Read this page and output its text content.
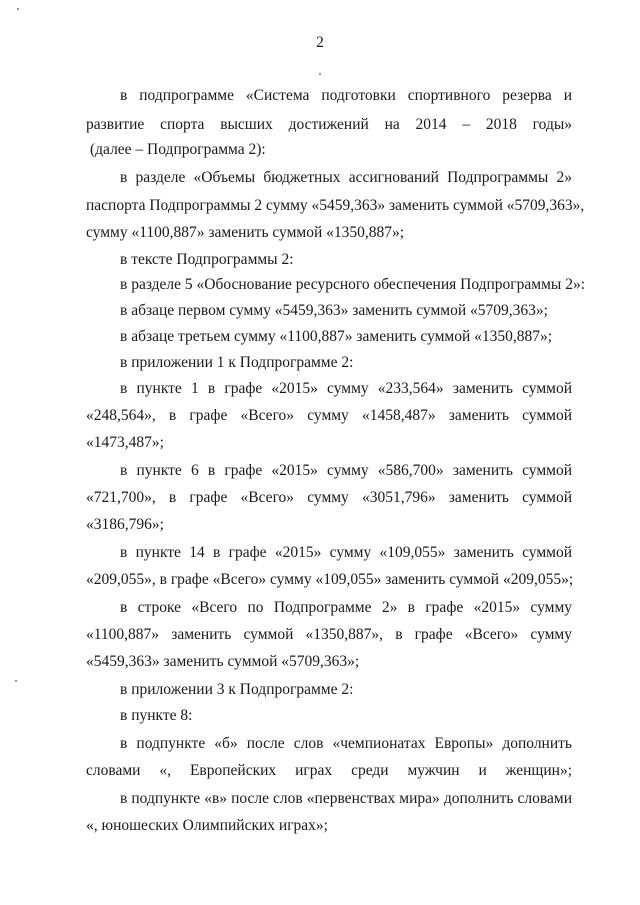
2
в подпрограмме «Система подготовки спортивного резерва и
развитие спорта высших достижений на 2014 – 2018 годы»
(далее – Подпрограмма 2):
в разделе «Объемы бюджетных ассигнований Подпрограммы 2»
паспорта Подпрограммы 2 сумму «5459,363» заменить суммой «5709,363»,
сумму «1100,887» заменить суммой «1350,887»;
в тексте Подпрограммы 2:
в разделе 5 «Обоснование ресурсного обеспечения Подпрограммы 2»:
в абзаце первом сумму «5459,363» заменить суммой «5709,363»;
в абзаце третьем сумму «1100,887» заменить суммой «1350,887»;
в приложении 1 к Подпрограмме 2:
в пункте 1 в графе «2015» сумму «233,564» заменить суммой
«248,564», в графе «Всего» сумму «1458,487» заменить суммой
«1473,487»;
в пункте 6 в графе «2015» сумму «586,700» заменить суммой
«721,700», в графе «Всего» сумму «3051,796» заменить суммой
«3186,796»;
в пункте 14 в графе «2015» сумму «109,055» заменить суммой
«209,055», в графе «Всего» сумму «109,055» заменить суммой «209,055»;
в строке «Всего по Подпрограмме 2» в графе «2015» сумму
«1100,887» заменить суммой «1350,887», в графе «Всего» сумму
«5459,363» заменить суммой «5709,363»;
в приложении 3 к Подпрограмме 2:
в пункте 8:
в подпункте «б» после слов «чемпионатах Европы» дополнить
словами «, Европейских играх среди мужчин и женщин»;
в подпункте «в» после слов «первенствах мира» дополнить словами
«, юношеских Олимпийских играх»;
